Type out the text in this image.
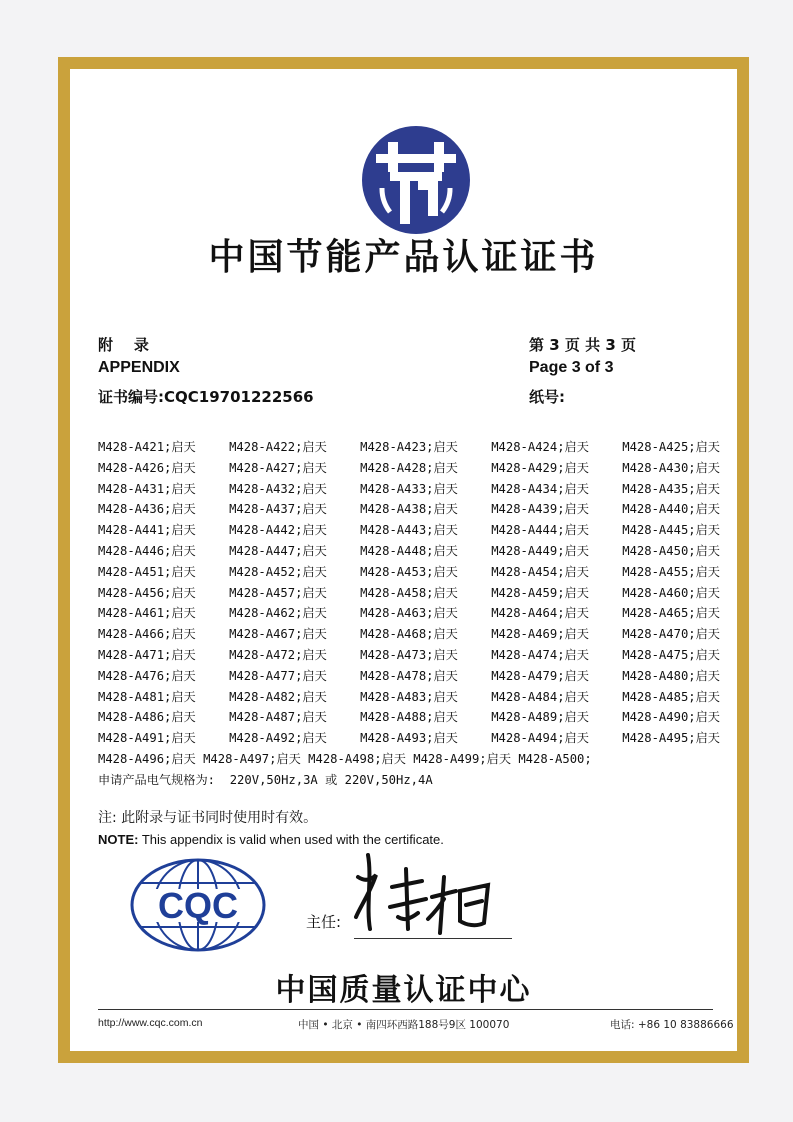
中国节能产品认证证书
附    录
APPENDIX
证书编号:CQC19701222566
第 3 页 共 3 页
Page 3 of 3
纸号:
M428-A421;启天	M428-A422;启天	M428-A423;启天	M428-A424;启天	M428-A425;启天
M428-A426;启天	M428-A427;启天	M428-A428;启天	M428-A429;启天	M428-A430;启天
M428-A431;启天	M428-A432;启天	M428-A433;启天	M428-A434;启天	M428-A435;启天
M428-A436;启天	M428-A437;启天	M428-A438;启天	M428-A439;启天	M428-A440;启天
M428-A441;启天	M428-A442;启天	M428-A443;启天	M428-A444;启天	M428-A445;启天
M428-A446;启天	M428-A447;启天	M428-A448;启天	M428-A449;启天	M428-A450;启天
M428-A451;启天	M428-A452;启天	M428-A453;启天	M428-A454;启天	M428-A455;启天
M428-A456;启天	M428-A457;启天	M428-A458;启天	M428-A459;启天	M428-A460;启天
M428-A461;启天	M428-A462;启天	M428-A463;启天	M428-A464;启天	M428-A465;启天
M428-A466;启天	M428-A467;启天	M428-A468;启天	M428-A469;启天	M428-A470;启天
M428-A471;启天	M428-A472;启天	M428-A473;启天	M428-A474;启天	M428-A475;启天
M428-A476;启天	M428-A477;启天	M428-A478;启天	M428-A479;启天	M428-A480;启天
M428-A481;启天	M428-A482;启天	M428-A483;启天	M428-A484;启天	M428-A485;启天
M428-A486;启天	M428-A487;启天	M428-A488;启天	M428-A489;启天	M428-A490;启天
M428-A491;启天	M428-A492;启天	M428-A493;启天	M428-A494;启天	M428-A495;启天
M428-A496;启天 M428-A497;启天 M428-A498;启天 M428-A499;启天 M428-A500;
申请产品电气规格为: 220V,50Hz,3A 或 220V,50Hz,4A
注: 此附录与证书同时使用时有效。
NOTE: This appendix is valid when used with the certificate.
CQC	主任:
中国质量认证中心
http://www.cqc.com.cn	中国 • 北京 • 南四环西路188号9区 100070	电话: +86 10 83886666
